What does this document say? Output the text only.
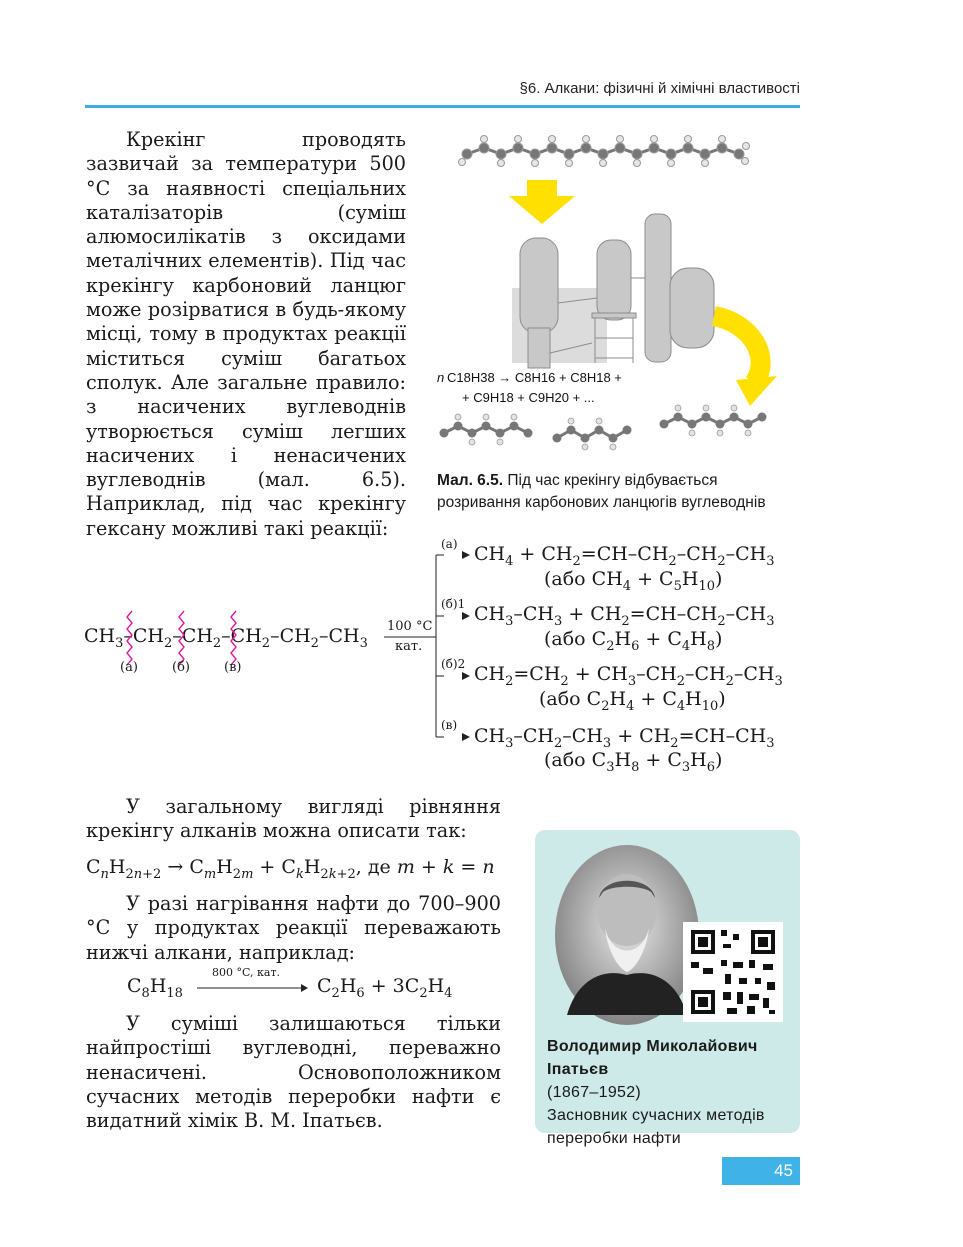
§6. Алкани: фізичні й хімічні властивості

Крекінг проводять зазвичай за температури 500 °C за наявності спеціальних каталізаторів (суміш алюмосилікатів з оксидами металічних елементів). Під час крекінгу карбоновий ланцюг може розірватися в будь-якому місці, тому в продуктах реакції міститься суміш багатьох сполук. Але загальне правило: з насичених вуглеводнів утворюється суміш легших насичених і ненасичених вуглеводнів (мал. 6.5). Наприклад, під час крекінгу гексану можливі такі реакції:

n C18H38 → C8H16 + C8H18 +
+ C9H18 + C9H20 + ...
Мал. 6.5. Під час крекінгу відбувається розривання карбонових ланцюгів вуглеводнів
$CH_3-CH_2-CH_2-CH_2-CH_2-CH_3$
(а)	(б)	(в)
100 °C
кат.
(а)
(б)1
(б)2
(в)
$CH_4 + CH_2=CH-CH_2-CH_2-CH_3$
(або $CH_4 + C_5H_{10}$)
$CH_3-CH_3 + CH_2=CH-CH_2-CH_3$
(або $C_2H_6 + C_4H_8$)
$CH_2=CH_2 + CH_3-CH_2-CH_2-CH_3$
(або $C_2H_4 + C_4H_{10}$)
$CH_3-CH_2-CH_3 + CH_2=CH-CH_3$
(або $C_3H_8 + C_3H_6$)

У загальному вигляді рівняння крекінгу алканів можна описати так:

$C_nH_{2n+2} \to C_mH_{2m} + C_kH_{2k+2}$, де m + k = n

У разі нагрівання нафти до 700–900 °C у продуктах реакції переважають нижчі алкани, наприклад:

$C_8H_{18}$
800 °C, кат.
$C_2H_6 + 3C_2H_4$

У суміші залишаються тільки найпростіші вуглеводні, переважно ненасичені. Основоположником сучасних методів переробки нафти є видатний хімік В. М. Іпатьєв.

Володимир Миколайович Іпатьєв
(1867–1952)
Засновник сучасних методів переробки нафти
45
